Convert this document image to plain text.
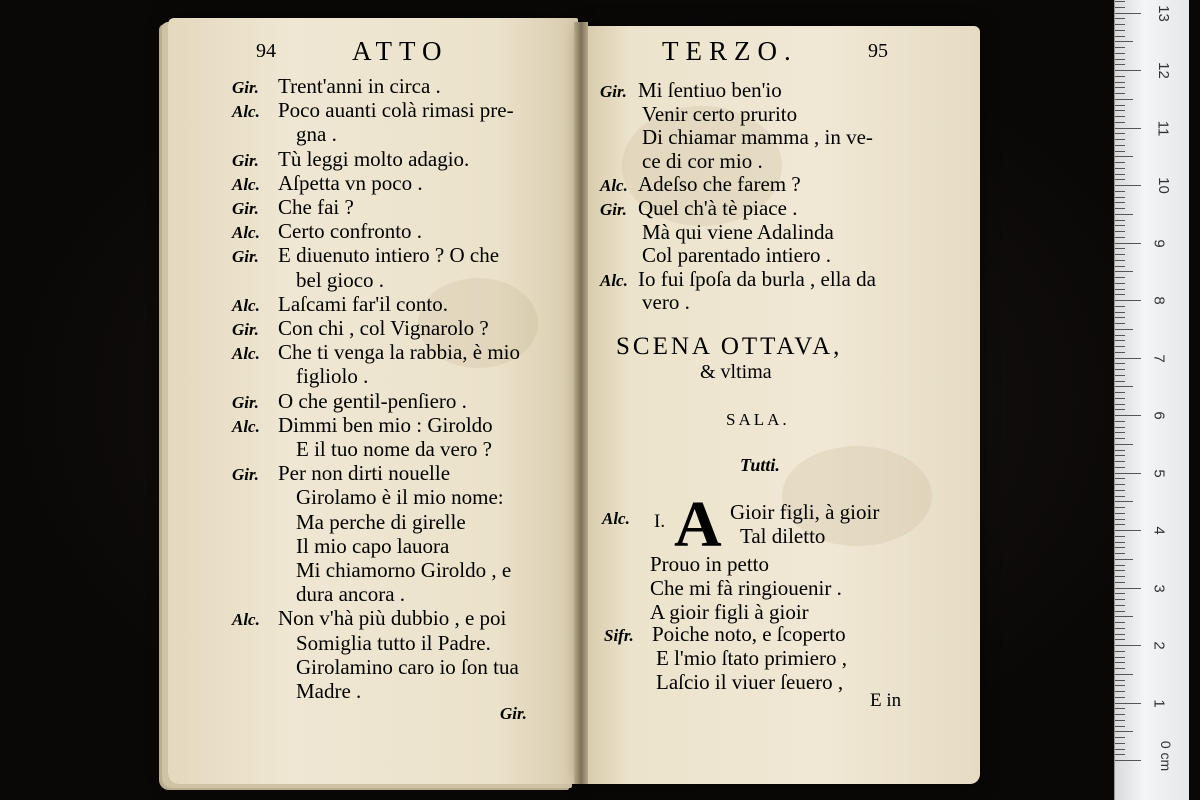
94	ATTO
Gir. Trent'anni in circa .
Alc. Poco auanti colà rimasi pre-
gna .
Gir. Tù leggi molto adagio.
Alc. Aſpetta vn poco .
Gir. Che fai ?
Alc. Certo confronto .
Gir. E diuenuto intiero ? O che
bel gioco .
Alc. Laſcami far'il conto.
Gir. Con chi , col Vignarolo ?
Alc. Che ti venga la rabbia, è mio
figliolo .
Gir. O che gentil-penſiero .
Alc. Dimmi ben mio : Giroldo
E il tuo nome da vero ?
Gir. Per non dirti nouelle
Girolamo è il mio nome:
Ma perche di girelle
Il mio capo lauora
Mi chiamorno Giroldo , e
dura ancora .
Alc. Non v'hà più dubbio , e poi
Somiglia tutto il Padre.
Girolamino caro io ſon tua
Madre .
Gir.
TERZO.	95
Gir. Mi ſentiuo ben'io
Venir certo prurito
Di chiamar mamma , in ve-
ce di cor mio .
Alc. Adeſso che farem ?
Gir. Quel ch'à tè piace .
Mà qui viene Adalinda
Col parentado intiero .
Alc. Io fui ſpoſa da burla , ella da
vero .
SCENA OTTAVA,
& vltima
SALA.
Tutti.
Alc. I. A Gioir figli, à gioir
Tal diletto
Prouo in petto
Che mi fà ringiouenir .
A gioir figli à gioir
Sifr. Poiche noto, e ſcoperto
E l'mio ſtato primiero ,
Laſcio il viuer ſeuero ,
E in	1
2
3
4
5
6
7
8
9
10
11
12
13
0 cm
